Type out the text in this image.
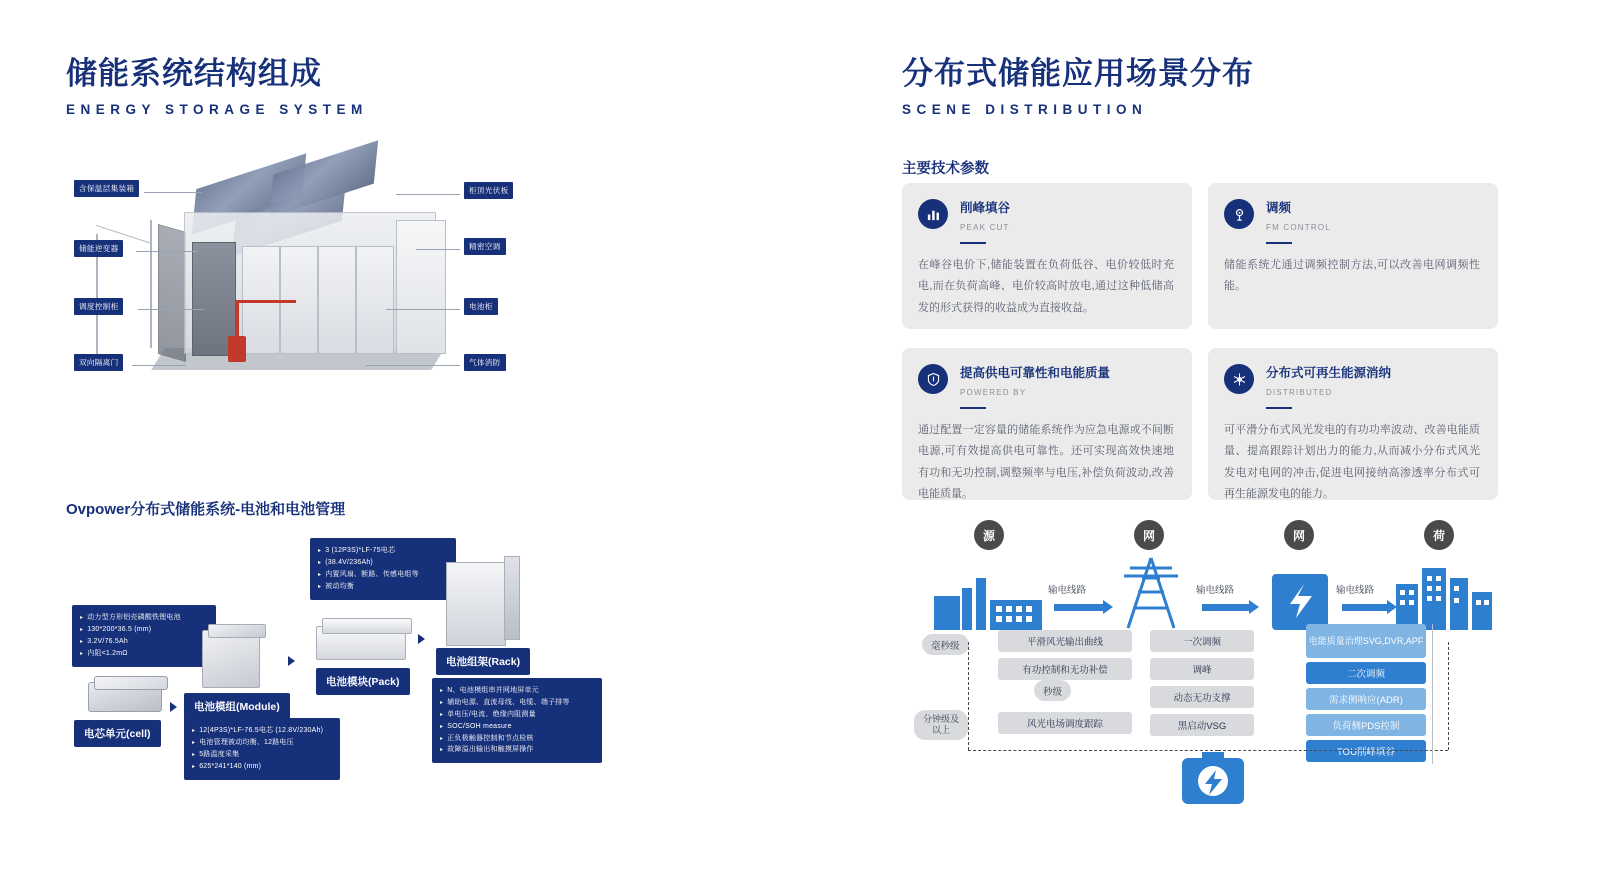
储能系统结构组成
ENERGY STORAGE SYSTEM
含保温层集装箱
储能逆变器
调度控制柜
双向隔离门
柜顶光伏板
精密空调
电池柜
气体消防
Ovpower分布式储能系统-电池和电池管理
▸ 动力型方形铝壳磷酸铁锂电池
▸ 130*200*36.5 (mm)
▸ 3.2V/76.5Ah
▸ 内阻<1.2mΩ
电芯单元(cell)	▸ 12(4P3S)*LF-76.5电芯 (12.8V/230Ah)
▸ 电池管理被动均衡、12路电压
▸ 5路温度采集
▸ 625*241*140 (mm)
电池模组(Module)
电池模块(Pack)
▸ 3 (12P3S)*LF-75电芯
▸ (38.4V/236Ah)
▸ 内置风扇、断路、传感电组等
▸ 被动均衡
电池组架(Rack)
▸ N、电池模组串并网地屏单元
▸ 辅助电源、直流母线、电缆、端子排等
▸ 单电压/电流、绝缘内阻测量
▸ SOC/SOH measure
▸ 正负极触器控制和节点检核
▸ 故障溢出输出和触摸屏操作
分布式储能应用场景分布
SCENE DISTRIBUTION
主要技术参数
削峰填谷
PEAK CUT
在峰谷电价下,储能装置在负荷低谷、电价较低时充电,而在负荷高峰、电价较高时放电,通过这种低储高发的形式获得的收益成为直接收益。
调频
FM CONTROL
储能系统尤通过调频控制方法,可以改善电网调频性能。
提高供电可靠性和电能质量
POWERED BY
通过配置一定容量的储能系统作为应急电源或不间断电源,可有效提高供电可靠性。还可实现高效快速地有功和无功控制,调整频率与电压,补偿负荷波动,改善电能质量。
分布式可再生能源消纳
DISTRIBUTED
可平滑分布式风光发电的有功功率波动、改善电能质量、提高跟踪计划出力的能力,从而减小分布式风光发电对电网的冲击,促进电网接纳高渗透率分布式可再生能源发电的能力。
源	网	网	荷
输电线路	输电线路	输电线路
毫秒级
秒级
分钟级及
以上
平滑风光输出曲线
有功控制和无功补偿
风光电场调度跟踪
一次调频
调峰
动态无功支撑
黑启动VSG
电能质量治理SVG,DVR,APF
二次调频
需求侧响应(ADR)
负荷侧PDS控制
TOU削峰填谷
